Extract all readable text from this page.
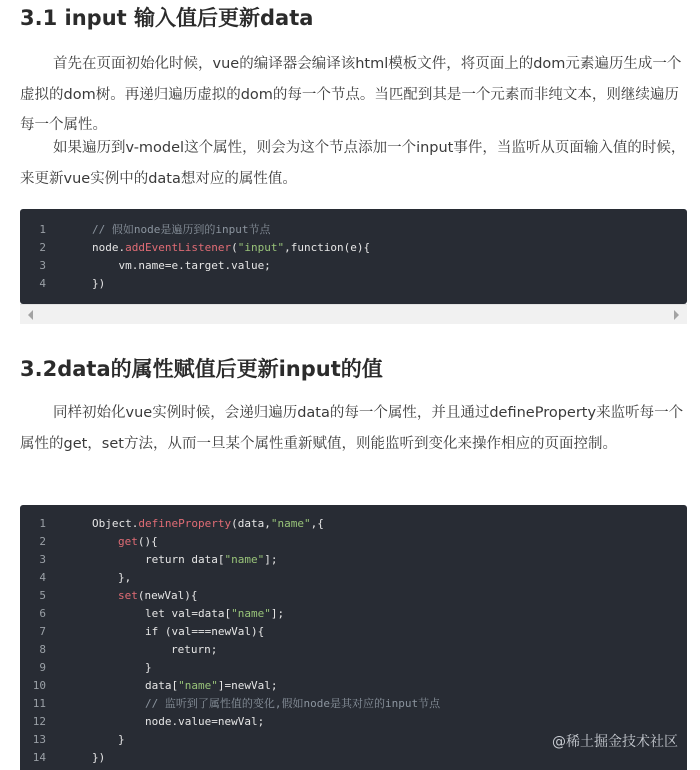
3.1 input 输入值后更新data

首先在页面初始化时候，vue的编译器会编译该html模板文件，将页面上的dom元素遍历生成一个虚拟的dom树。再递归遍历虚拟的dom的每一个节点。当匹配到其是一个元素而非纯文本，则继续遍历每一个属性。

如果遍历到v-model这个属性，则会为这个节点添加一个input事件，当监听从页面输入值的时候，来更新vue实例中的data想对应的属性值。

1	// 假如node是遍历到的input节点
2	node.addEventListener("input",function(e){
3	vm.name=e.target.value;
4	})
3.2data的属性赋值后更新input的值

同样初始化vue实例时候，会递归遍历data的每一个属性，并且通过defineProperty来监听每一个属性的get，set方法，从而一旦某个属性重新赋值，则能监听到变化来操作相应的页面控制。

1	Object.defineProperty(data,"name",{
2	get(){
3	return data["name"];
4	},
5	set(newVal){
6	let val=data["name"];
7	if (val===newVal){
8	return;
9	}
10	data["name"]=newVal;
11	// 监听到了属性值的变化,假如node是其对应的input节点
12	node.value=newVal;
13	}
14	})
@稀土掘金技术社区
